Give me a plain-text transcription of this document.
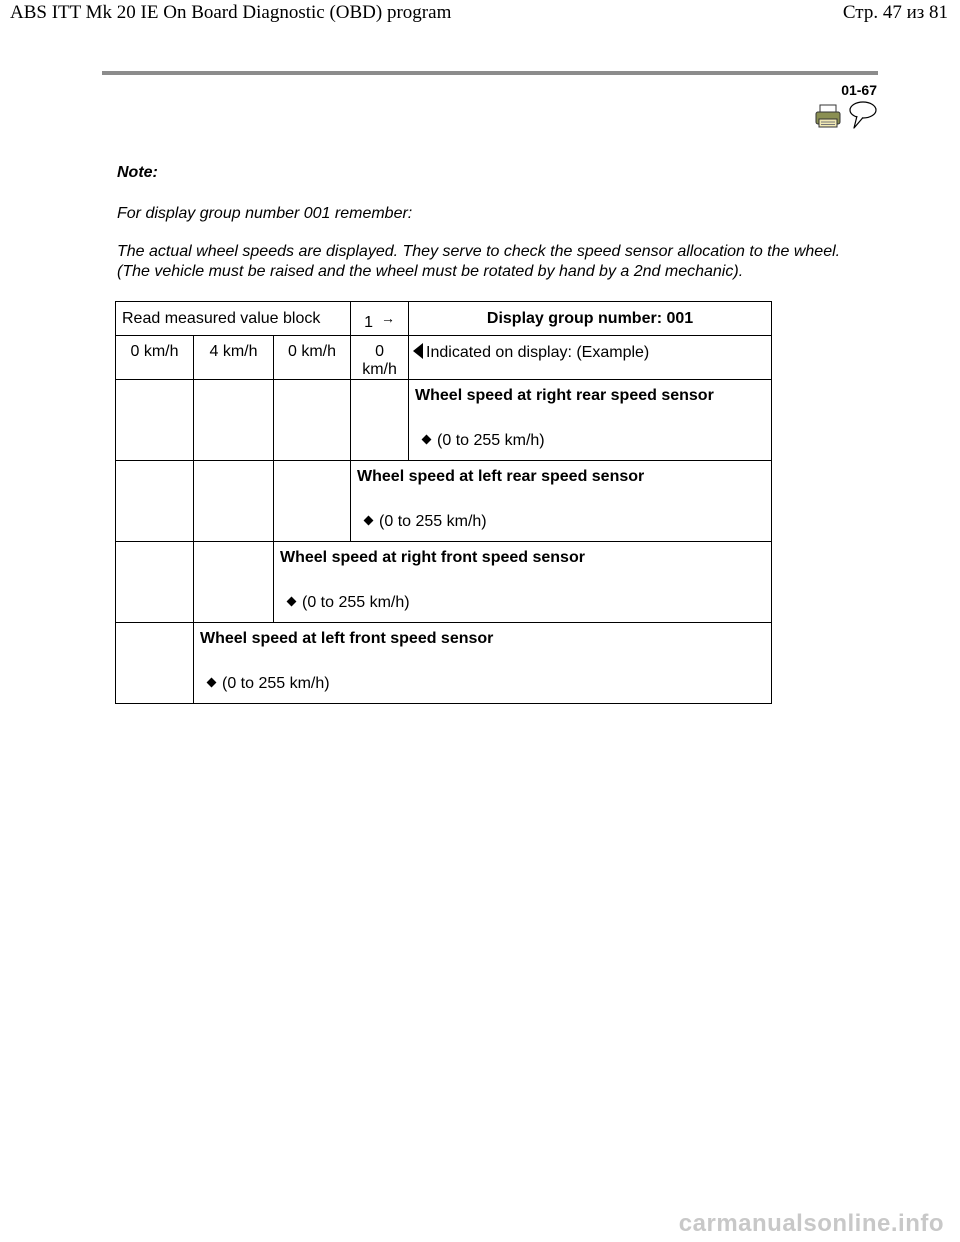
ABS ITT Mk 20 IE On Board Diagnostic (OBD) program	Стр. 47 из 81
01-67
Note:
For display group number 001 remember:
The actual wheel speeds are displayed. They serve to check the speed sensor allocation to the wheel. (The vehicle must be raised and the wheel must be rotated by hand by a 2nd mechanic).
Read measured value block			1 →	Display group number: 001
0 km/h	4 km/h	0 km/h	0 km/h	Indicated on display: (Example)

				Wheel speed at right rear speed sensor
(0 to 255 km/h)

			Wheel speed at left rear speed sensor
(0 to 255 km/h)	

		Wheel speed at right front speed sensor
(0 to 255 km/h)		

	Wheel speed at left front speed sensor
(0 to 255 km/h)			
carmanualsonline.info
